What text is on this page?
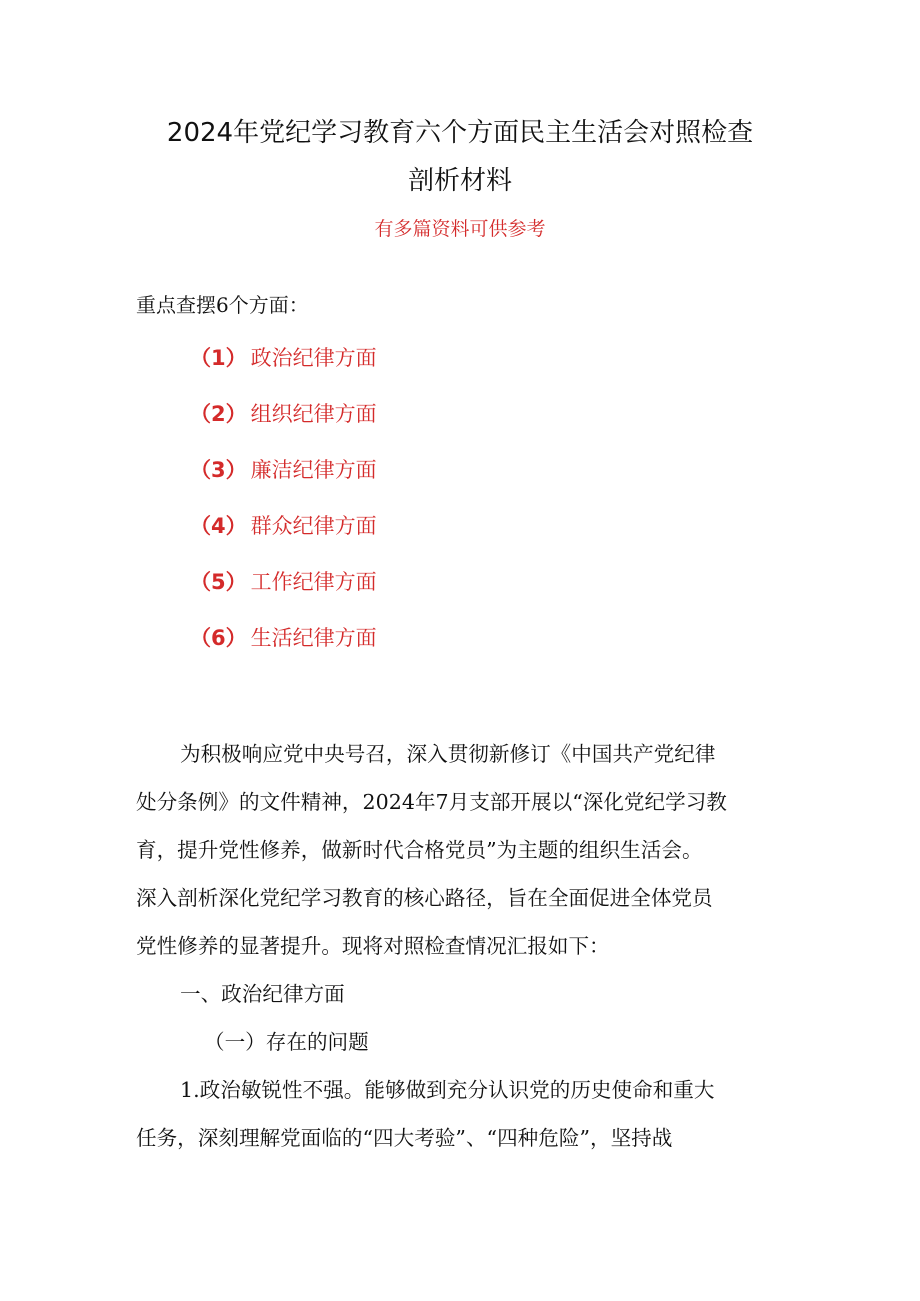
2024年党纪学习教育六个方面民主生活会对照检查
剖析材料
有多篇资料可供参考
重点查摆6个方面：
（1） 政治纪律方面
（2） 组织纪律方面
（3） 廉洁纪律方面
（4） 群众纪律方面
（5） 工作纪律方面
（6） 生活纪律方面
为积极响应党中央号召，深入贯彻新修订《中国共产党纪律
处分条例》的文件精神，2024年7月支部开展以“深化党纪学习教
育，提升党性修养，做新时代合格党员”为主题的组织生活会。
深入剖析深化党纪学习教育的核心路径，旨在全面促进全体党员
党性修养的显著提升。现将对照检查情况汇报如下：
一、政治纪律方面
（一）存在的问题
1.政治敏锐性不强。能够做到充分认识党的历史使命和重大
任务，深刻理解党面临的“四大考验”、“四种危险”，坚持战
